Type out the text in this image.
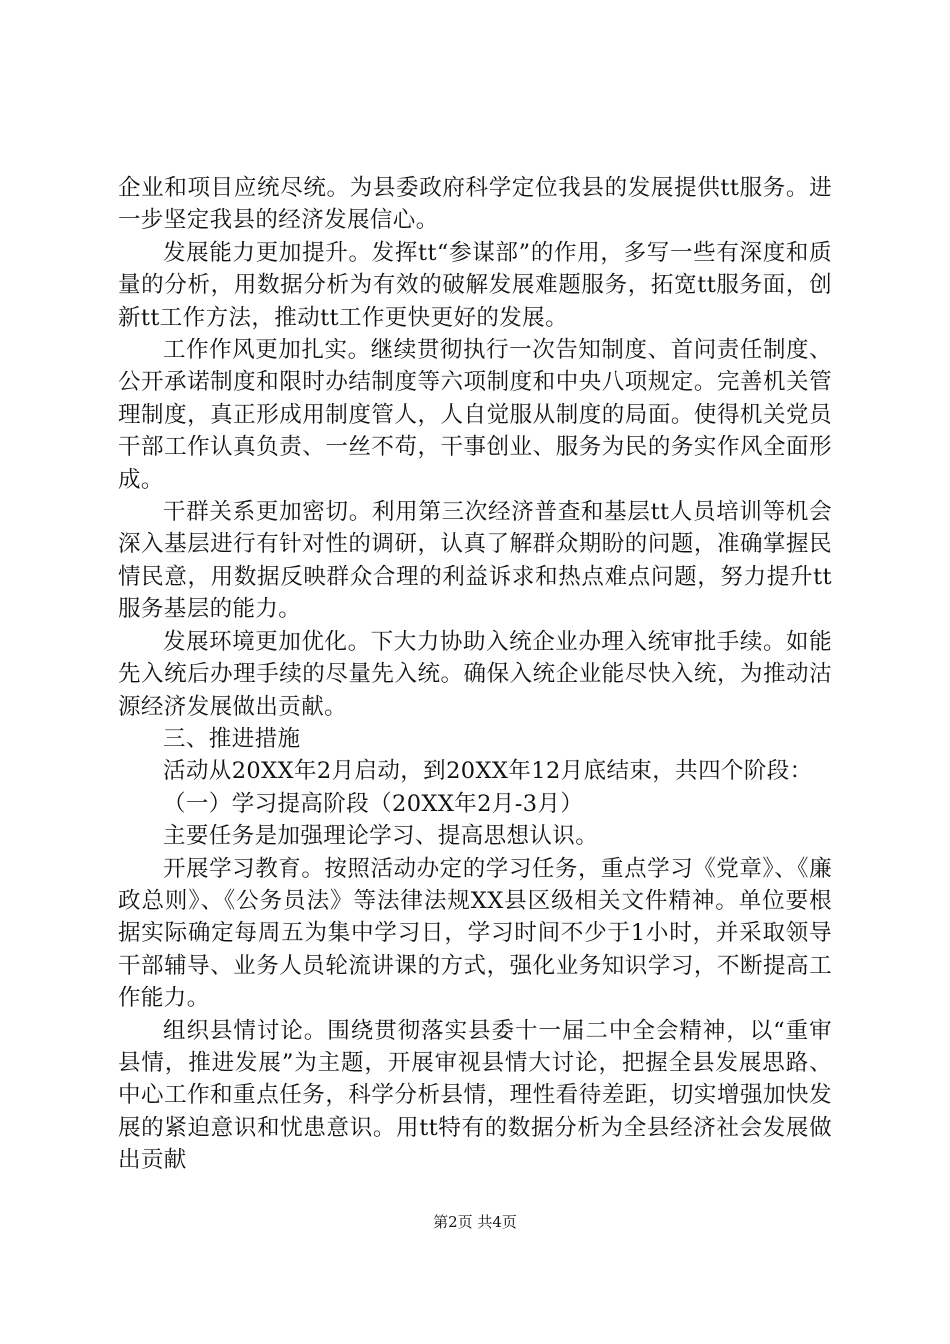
企业和项目应统尽统。为县委政府科学定位我县的发展提供tt服务。进一步坚定我县的经济发展信心。

发展能力更加提升。发挥tt“参谋部”的作用，多写一些有深度和质量的分析，用数据分析为有效的破解发展难题服务，拓宽tt服务面，创新tt工作方法，推动tt工作更快更好的发展。

工作作风更加扎实。继续贯彻执行一次告知制度、首问责任制度、公开承诺制度和限时办结制度等六项制度和中央八项规定。完善机关管理制度，真正形成用制度管人，人自觉服从制度的局面。使得机关党员干部工作认真负责、一丝不苟，干事创业、服务为民的务实作风全面形成。

干群关系更加密切。利用第三次经济普查和基层tt人员培训等机会深入基层进行有针对性的调研，认真了解群众期盼的问题，准确掌握民情民意，用数据反映群众合理的利益诉求和热点难点问题，努力提升tt服务基层的能力。

发展环境更加优化。下大力协助入统企业办理入统审批手续。如能先入统后办理手续的尽量先入统。确保入统企业能尽快入统，为推动沽源经济发展做出贡献。

三、推进措施

活动从20XX年2月启动，到20XX年12月底结束，共四个阶段：

（一）学习提高阶段（20XX年2月-3月）

主要任务是加强理论学习、提高思想认识。

开展学习教育。按照活动办定的学习任务，重点学习《党章》、《廉政总则》、《公务员法》等法律法规XX县区级相关文件精神。单位要根据实际确定每周五为集中学习日，学习时间不少于1小时，并采取领导干部辅导、业务人员轮流讲课的方式，强化业务知识学习，不断提高工作能力。

组织县情讨论。围绕贯彻落实县委十一届二中全会精神，以“重审县情，推进发展”为主题，开展审视县情大讨论，把握全县发展思路、中心工作和重点任务，科学分析县情，理性看待差距，切实增强加快发展的紧迫意识和忧患意识。用tt特有的数据分析为全县经济社会发展做出贡献

第2页 共4页
